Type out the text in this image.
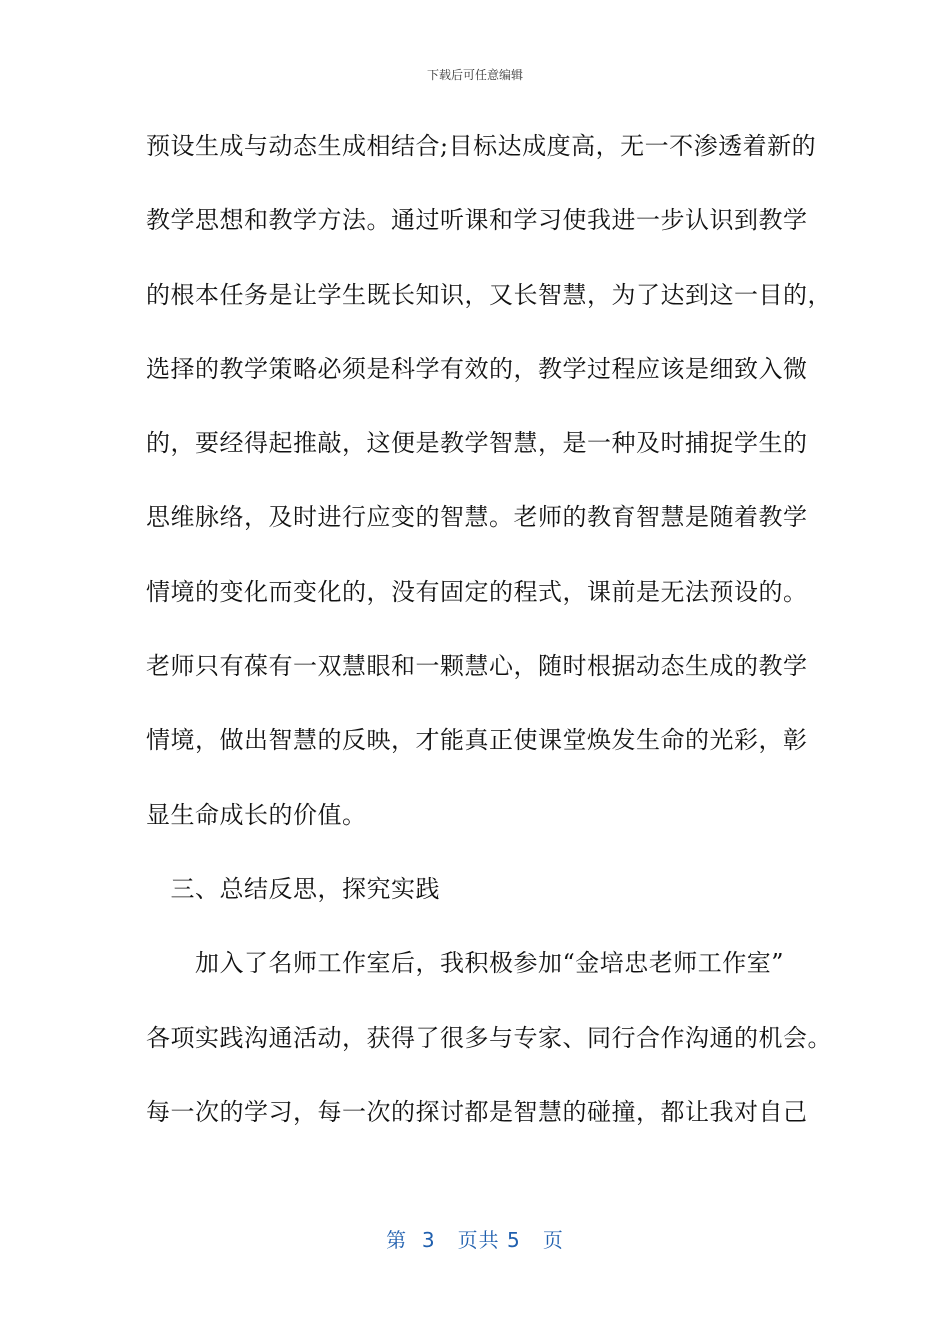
下载后可任意编辑
预设生成与动态生成相结合;目标达成度高，无一不渗透着新的
教学思想和教学方法。通过听课和学习使我进一步认识到教学
的根本任务是让学生既长知识，又长智慧，为了达到这一目的，
选择的教学策略必须是科学有效的，教学过程应该是细致入微
的，要经得起推敲，这便是教学智慧，是一种及时捕捉学生的
思维脉络，及时进行应变的智慧。老师的教育智慧是随着教学
情境的变化而变化的，没有固定的程式，课前是无法预设的。
老师只有葆有一双慧眼和一颗慧心，随时根据动态生成的教学
情境，做出智慧的反映，才能真正使课堂焕发生命的光彩，彰
显生命成长的价值。
　三、总结反思，探究实践
　　加入了名师工作室后，我积极参加“金培忠老师工作室”
各项实践沟通活动，获得了很多与专家、同行合作沟通的机会。
每一次的学习，每一次的探讨都是智慧的碰撞，都让我对自己
第 3 页共 5 页
